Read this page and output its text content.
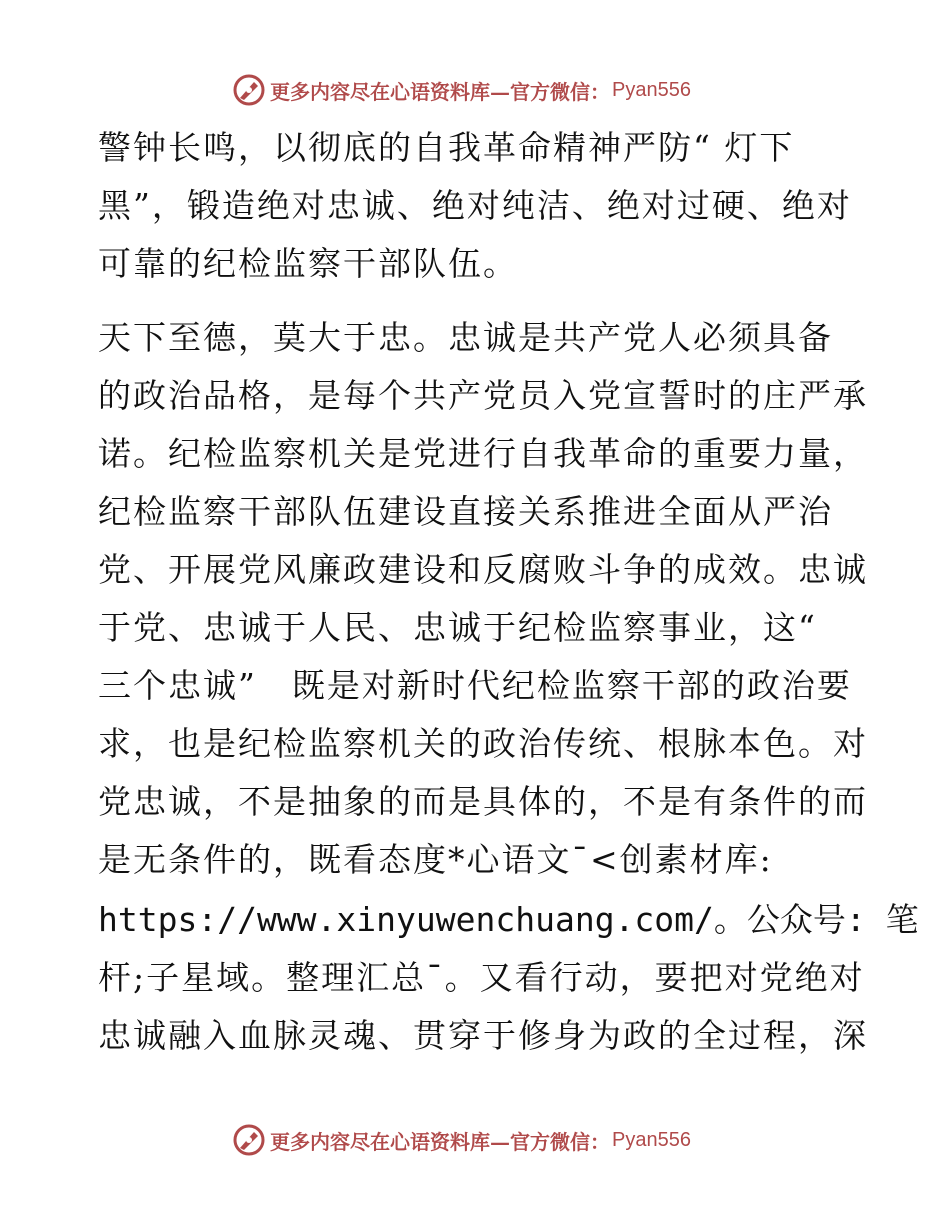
更多内容尽在心语资料库—官方微信： Pyan556
警钟长鸣，以彻底的自我革命精神严防“ 灯下
黑”，锻造绝对忠诚、绝对纯洁、绝对过硬、绝对
可靠的纪检监察干部队伍。
天下至德，莫大于忠。忠诚是共产党人必须具备
的政治品格，是每个共产党员入党宣誓时的庄严承
诺。纪检监察机关是党进行自我革命的重要力量，
纪检监察干部队伍建设直接关系推进全面从严治
党、开展党风廉政建设和反腐败斗争的成效。忠诚
于党、忠诚于人民、忠诚于纪检监察事业，这“
三个忠诚”　既是对新时代纪检监察干部的政治要
求，也是纪检监察机关的政治传统、根脉本色。对
党忠诚，不是抽象的而是具体的，不是有条件的而
是无条件的，既看态度*心语文¯<创素材库:
https://www.xinyuwenchuang.com/。公众号: 笔
杆;子星域。整理汇总¯。又看行动，要把对党绝对
忠诚融入血脉灵魂、贯穿于修身为政的全过程，深
更多内容尽在心语资料库—官方微信： Pyan556
